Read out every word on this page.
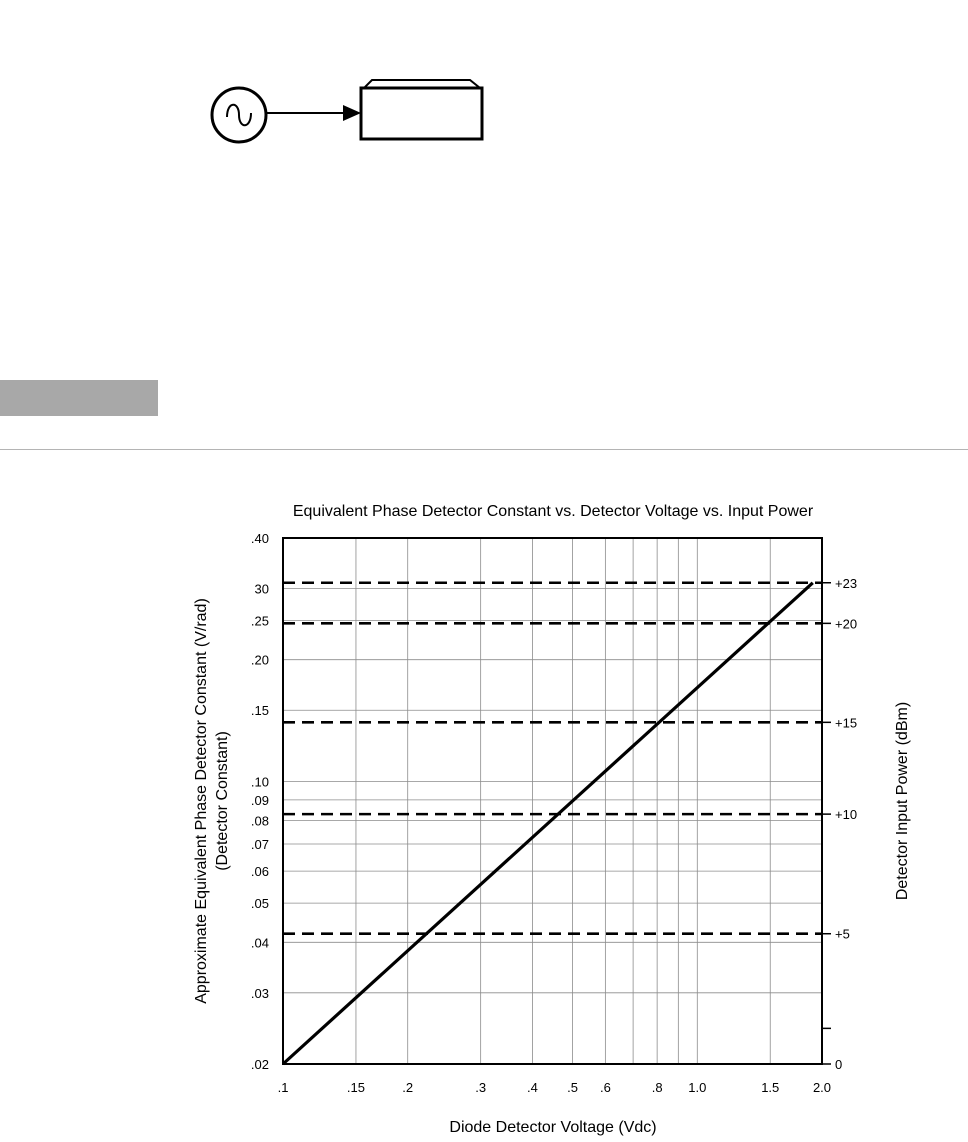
Equivalent Phase Detector Constant vs. Detector Voltage vs. Input Power
.1	.15	.2	.3	.4 .5 .6	.8 1.0	1.5	2.0
.40
30
.25
.20
.15
.10
.09
.08
.07
.06
.05
.04
.03
.02
+23
+20
+15
+10
+5
0
Diode Detector Voltage (Vdc)
Approximate Equivalent Phase Detector Constant (V/rad) (Detector Constant)	Detector Input Power (dBm)
